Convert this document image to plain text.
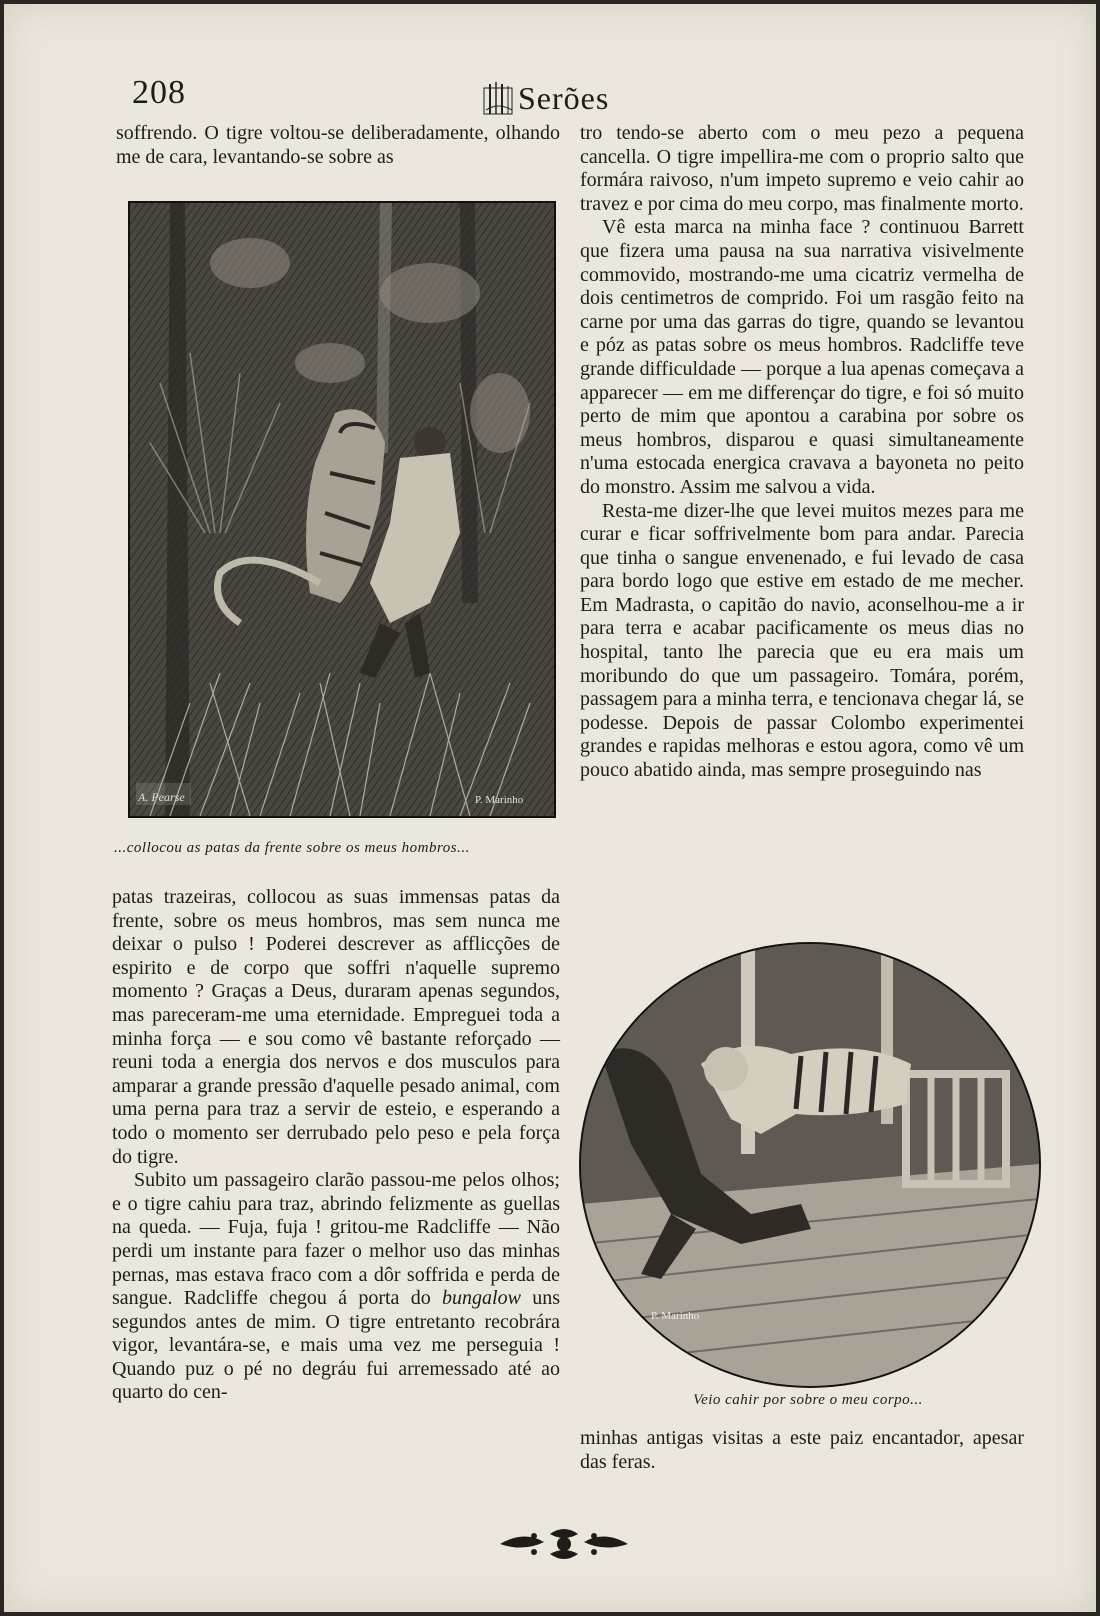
208	Serões

soffrendo. O tigre voltou-se deliberadamente, olhando me de cara, levantando-se sobre as

A. Pearse	P. Marinho
...collocou as patas da frente sobre os meus hombros...

patas trazeiras, collocou as suas immensas patas da frente, sobre os meus hombros, mas sem nunca me deixar o pulso ! Poderei descrever as afflicções de espirito e de corpo que soffri n'aquelle supremo momento ? Graças a Deus, duraram apenas segundos, mas pareceram-me uma eternidade. Empreguei toda a minha força — e sou como vê bastante reforçado — reuni toda a energia dos nervos e dos musculos para amparar a grande pressão d'aquelle pesado animal, com uma perna para traz a servir de esteio, e esperando a todo o momento ser derrubado pelo peso e pela força do tigre.

Subito um passageiro clarão passou-me pelos olhos; e o tigre cahiu para traz, abrindo felizmente as guellas na queda. — Fuja, fuja ! gritou-me Radcliffe — Não perdi um instante para fazer o melhor uso das minhas pernas, mas estava fraco com a dôr soffrida e perda de sangue. Radcliffe chegou á porta do bungalow uns segundos antes de mim. O tigre entretanto recobrára vigor, levantára-se, e mais uma vez me perseguia ! Quando puz o pé no degráu fui arremessado até ao quarto do cen-

tro tendo-se aberto com o meu pezo a pequena cancella. O tigre impellira-me com o proprio salto que formára raivoso, n'um impeto supremo e veio cahir ao travez e por cima do meu corpo, mas finalmente morto.

Vê esta marca na minha face ? continuou Barrett que fizera uma pausa na sua narrativa visivelmente commovido, mostrando-me uma cicatriz vermelha de dois centimetros de comprido. Foi um rasgão feito na carne por uma das garras do tigre, quando se levantou e póz as patas sobre os meus hombros. Radcliffe teve grande difficuldade — porque a lua apenas começava a apparecer — em me differençar do tigre, e foi só muito perto de mim que apontou a carabina por sobre os meus hombros, disparou e quasi simultaneamente n'uma estocada energica cravava a bayoneta no peito do monstro. Assim me salvou a vida.

Resta-me dizer-lhe que levei muitos mezes para me curar e ficar soffrivelmente bom para andar. Parecia que tinha o sangue envenenado, e fui levado de casa para bordo logo que estive em estado de me mecher. Em Madrasta, o capitão do navio, aconselhou-me a ir para terra e acabar pacificamente os meus dias no hospital, tanto lhe parecia que eu era mais um moribundo do que um passageiro. Tomára, porém, passagem para a minha terra, e tencionava chegar lá, se podesse. Depois de passar Colombo experimentei grandes e rapidas melhoras e estou agora, como vê um pouco abatido ainda, mas sempre proseguindo nas

P. Marinho
Veio cahir por sobre o meu corpo...

minhas antigas visitas a este paiz encantador, apesar das feras.
